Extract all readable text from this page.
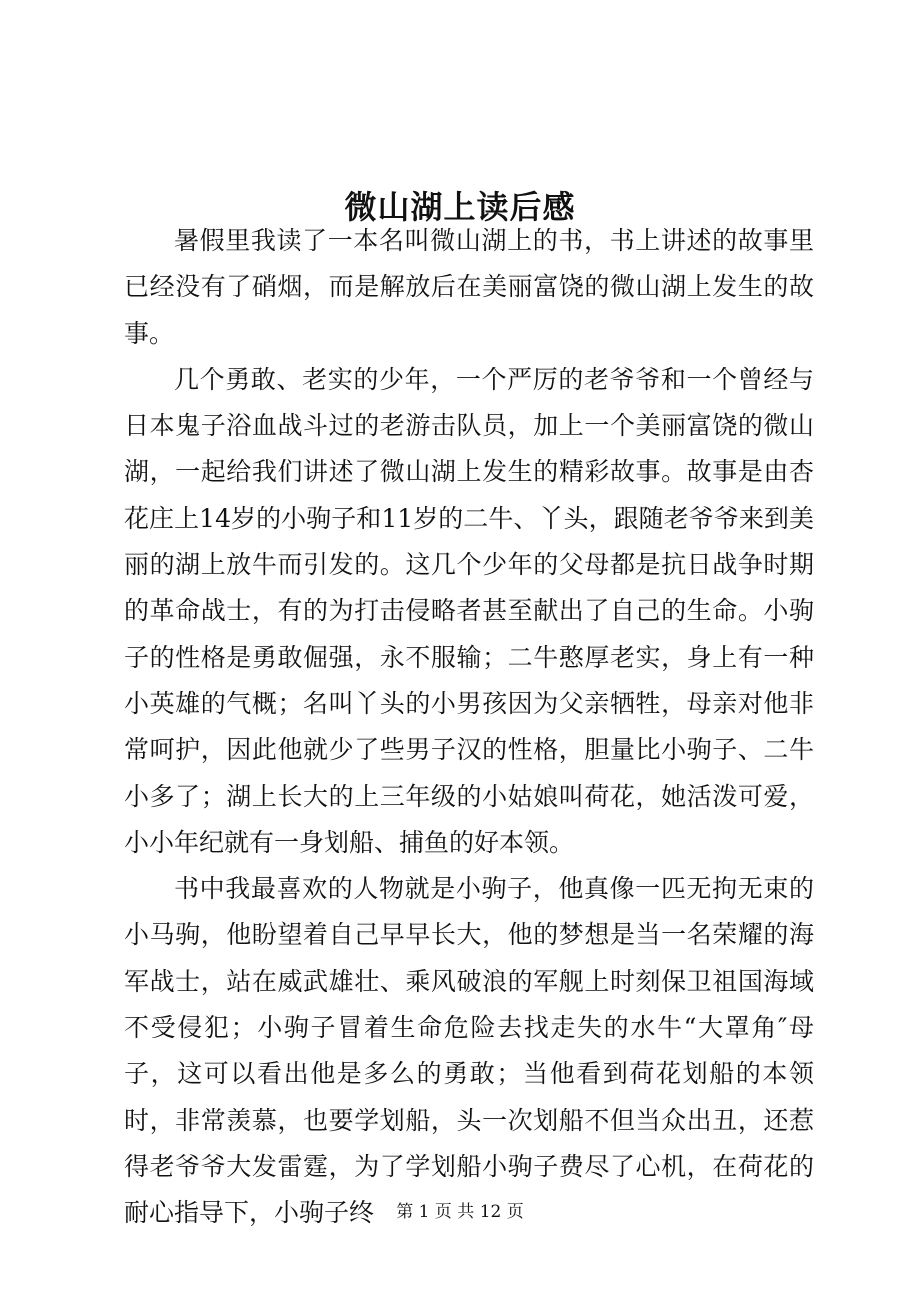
微山湖上读后感

暑假里我读了一本名叫微山湖上的书，书上讲述的故事里已经没有了硝烟，而是解放后在美丽富饶的微山湖上发生的故事。

几个勇敢、老实的少年，一个严厉的老爷爷和一个曾经与日本鬼子浴血战斗过的老游击队员，加上一个美丽富饶的微山湖，一起给我们讲述了微山湖上发生的精彩故事。故事是由杏花庄上14岁的小驹子和11岁的二牛、丫头，跟随老爷爷来到美丽的湖上放牛而引发的。这几个少年的父母都是抗日战争时期的革命战士，有的为打击侵略者甚至献出了自己的生命。小驹子的性格是勇敢倔强，永不服输；二牛憨厚老实，身上有一种小英雄的气概；名叫丫头的小男孩因为父亲牺牲，母亲对他非常呵护，因此他就少了些男子汉的性格，胆量比小驹子、二牛小多了；湖上长大的上三年级的小姑娘叫荷花，她活泼可爱，小小年纪就有一身划船、捕鱼的好本领。

书中我最喜欢的人物就是小驹子，他真像一匹无拘无束的小马驹，他盼望着自己早早长大，他的梦想是当一名荣耀的海军战士，站在威武雄壮、乘风破浪的军舰上时刻保卫祖国海域不受侵犯；小驹子冒着生命危险去找走失的水牛“大罩角″母子，这可以看出他是多么的勇敢；当他看到荷花划船的本领时，非常羡慕，也要学划船，头一次划船不但当众出丑，还惹得老爷爷大发雷霆，为了学划船小驹子费尽了心机，在荷花的耐心指导下，小驹子终	第 1 页 共 12 页
